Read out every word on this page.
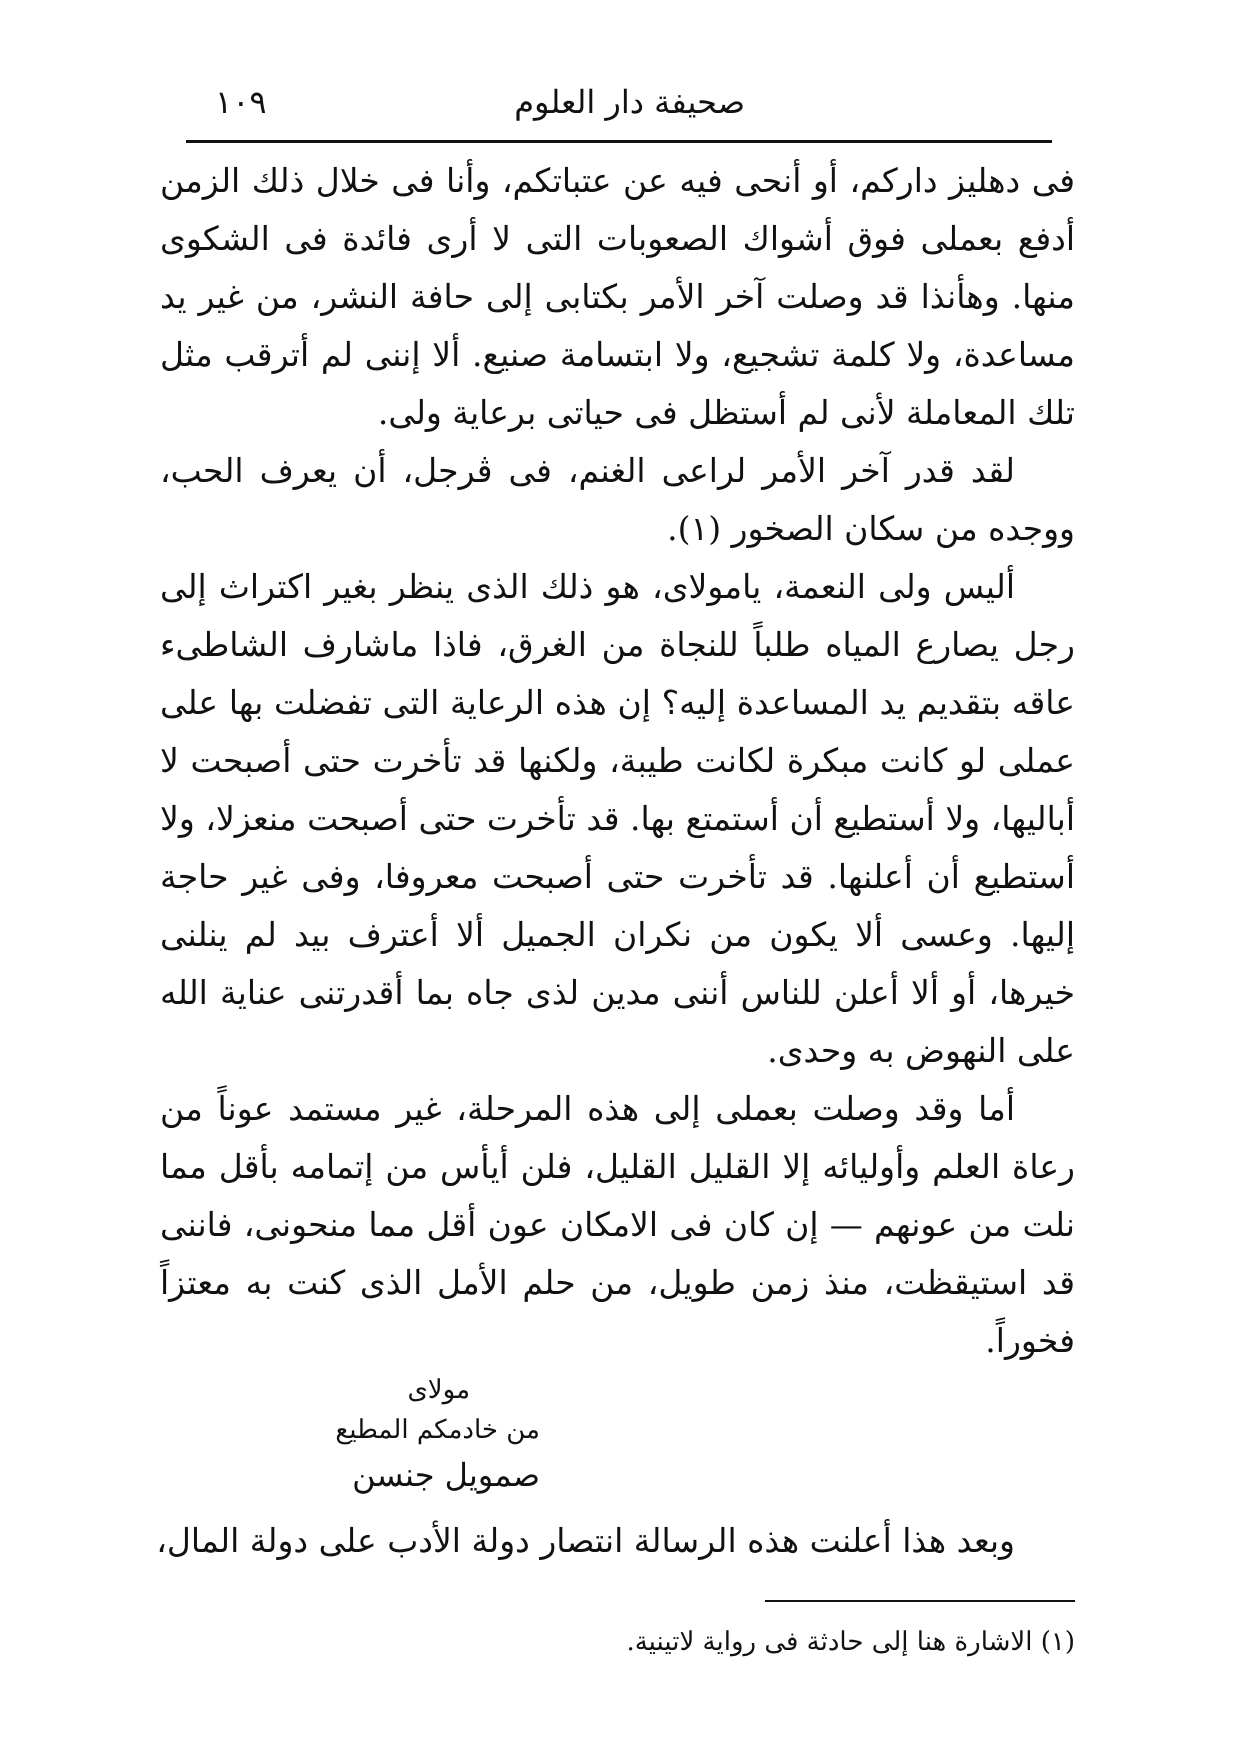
صحيفة دار العلوم
١٠٩

فى دهليز داركم، أو أنحى فيه عن عتباتكم، وأنا فى خلال ذلك الزمن أدفع بعملى فوق أشواك الصعوبات التى لا أرى فائدة فى الشكوى منها. وهأنذا قد وصلت آخر الأمر بكتابى إلى حافة النشر، من غير يد مساعدة، ولا كلمة تشجيع، ولا ابتسامة صنيع. ألا إننى لم أترقب مثل تلك المعاملة لأنى لم أستظل فى حياتى برعاية ولى.

لقد قدر آخر الأمر لراعى الغنم، فى ڤرجل، أن يعرف الحب، ووجده من سكان الصخور (١).

أليس ولى النعمة، يامولاى، هو ذلك الذى ينظر بغير اكتراث إلى رجل يصارع المياه طلباً للنجاة من الغرق، فاذا ماشارف الشاطىء عاقه بتقديم يد المساعدة إليه؟ إن هذه الرعاية التى تفضلت بها على عملى لو كانت مبكرة لكانت طيبة، ولكنها قد تأخرت حتى أصبحت لا أباليها، ولا أستطيع أن أستمتع بها. قد تأخرت حتى أصبحت منعزلا، ولا أستطيع أن أعلنها. قد تأخرت حتى أصبحت معروفا، وفى غير حاجة إليها. وعسى ألا يكون من نكران الجميل ألا أعترف بيد لم ينلنى خيرها، أو ألا أعلن للناس أننى مدين لذى جاه بما أقدرتنى عناية الله على النهوض به وحدى.

أما وقد وصلت بعملى إلى هذه المرحلة، غير مستمد عوناً من رعاة العلم وأوليائه إلا القليل القليل، فلن أيأس من إتمامه بأقل مما نلت من عونهم — إن كان فى الامكان عون أقل مما منحونى، فاننى قد استيقظت، منذ زمن طويل، من حلم الأمل الذى كنت به معتزاً فخوراً.

مولاى
من خادمكم المطيع
صمويل جنسن
وبعد هذا أعلنت هذه الرسالة انتصار دولة الأدب على دولة المال،
(١) الاشارة هنا إلى حادثة فى رواية لاتينية.
